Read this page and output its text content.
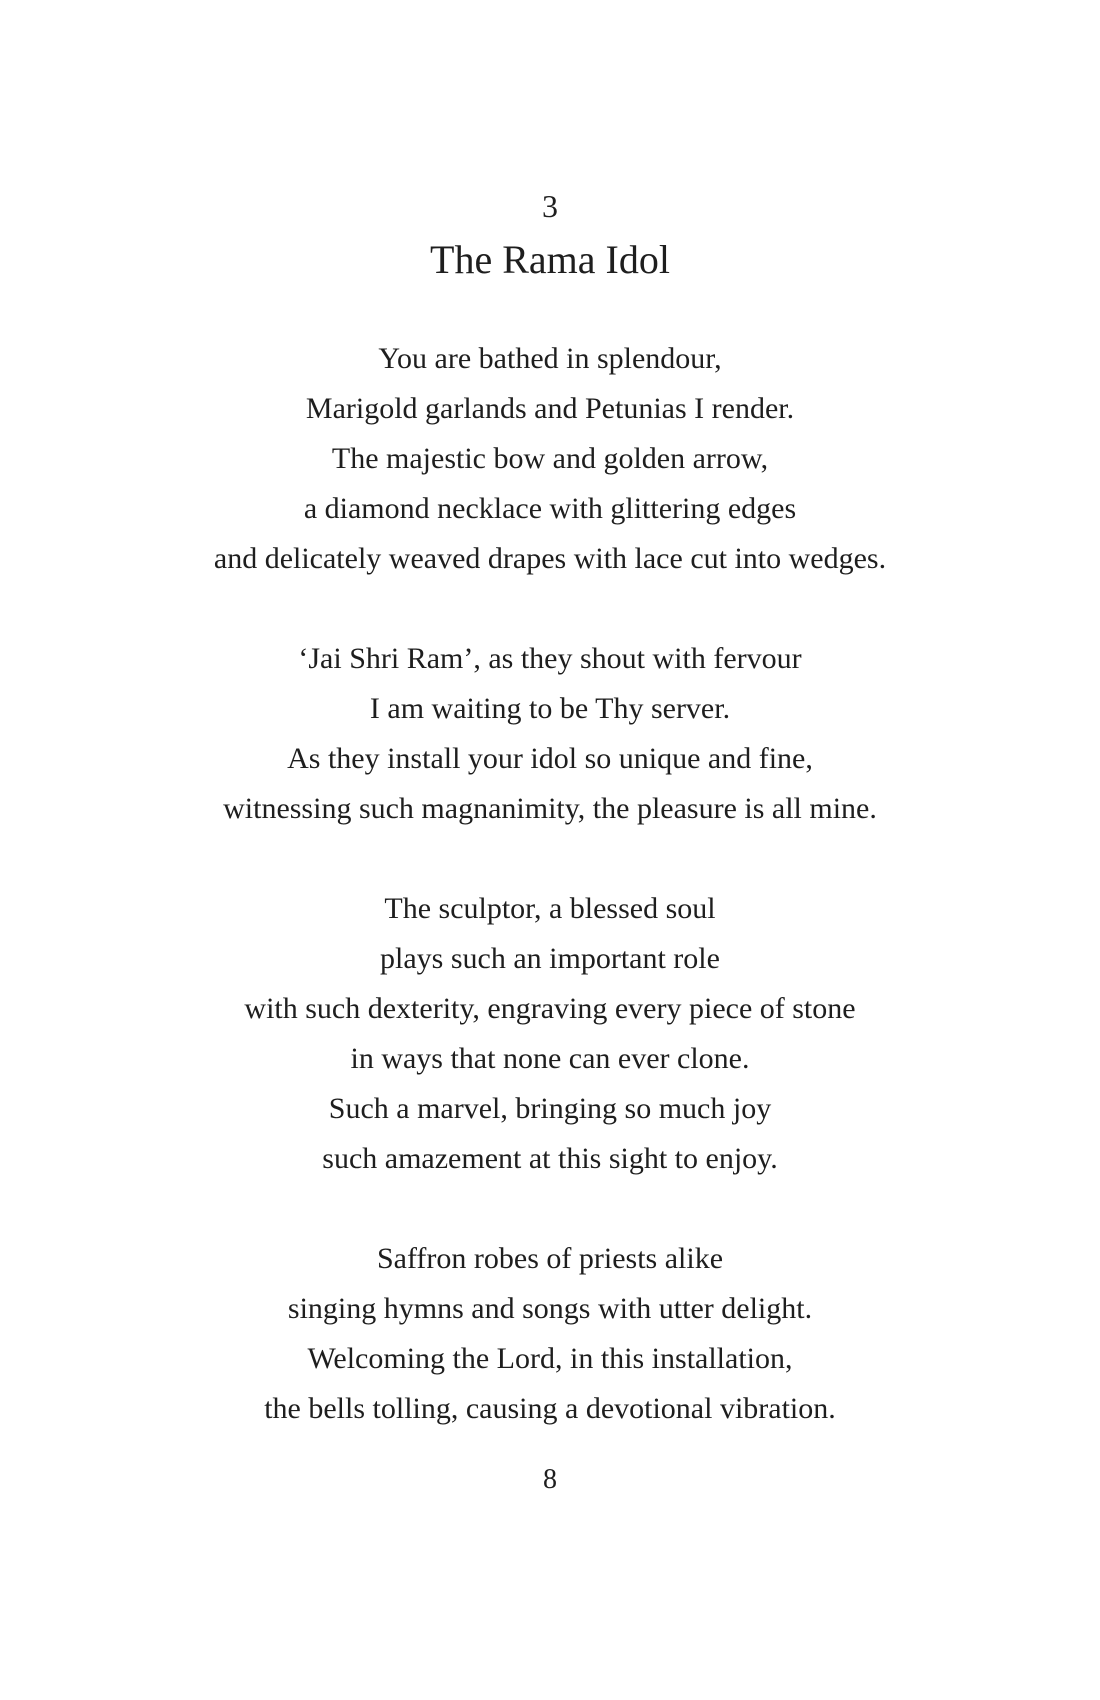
3
The Rama Idol

You are bathed in splendour,

Marigold garlands and Petunias I render.

The majestic bow and golden arrow,

a diamond necklace with glittering edges

and delicately weaved drapes with lace cut into wedges.

‘Jai Shri Ram’, as they shout with fervour

I am waiting to be Thy server.

As they install your idol so unique and fine,

witnessing such magnanimity, the pleasure is all mine.

The sculptor, a blessed soul

plays such an important role

with such dexterity, engraving every piece of stone

in ways that none can ever clone.

Such a marvel, bringing so much joy

such amazement at this sight to enjoy.

Saffron robes of priests alike

singing hymns and songs with utter delight.

Welcoming the Lord, in this installation,

the bells tolling, causing a devotional vibration.

8
